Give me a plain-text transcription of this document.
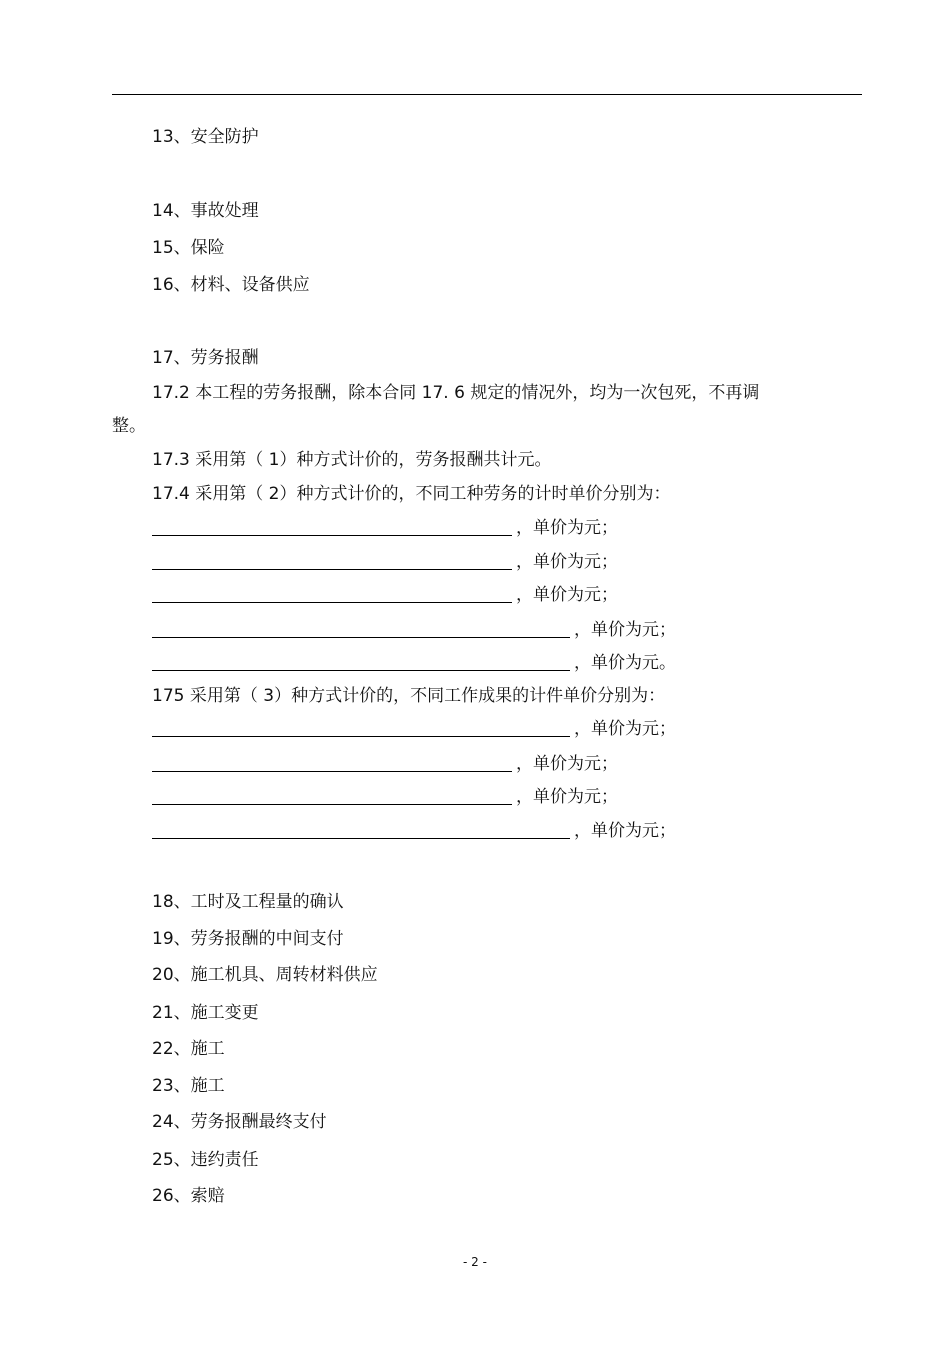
13、安全防护
14、事故处理
15、保险
16、材料、设备供应
17、劳务报酬
17.2 本工程的劳务报酬，除本合同 17. 6 规定的情况外，均为一次包死，不再调
整。
17.3 采用第（ 1）种方式计价的，劳务报酬共计元。
17.4 采用第（ 2）种方式计价的，不同工种劳务的计时单价分别为：
，单价为元；
，单价为元；
，单价为元；
，单价为元；
，单价为元。
175 采用第（ 3）种方式计价的，不同工作成果的计件单价分别为：
，单价为元；
，单价为元；
，单价为元；
，单价为元；
18、工时及工程量的确认
19、劳务报酬的中间支付
20、施工机具、周转材料供应
21、施工变更
22、施工
23、施工
24、劳务报酬最终支付
25、违约责任
26、索赔
- 2 -
